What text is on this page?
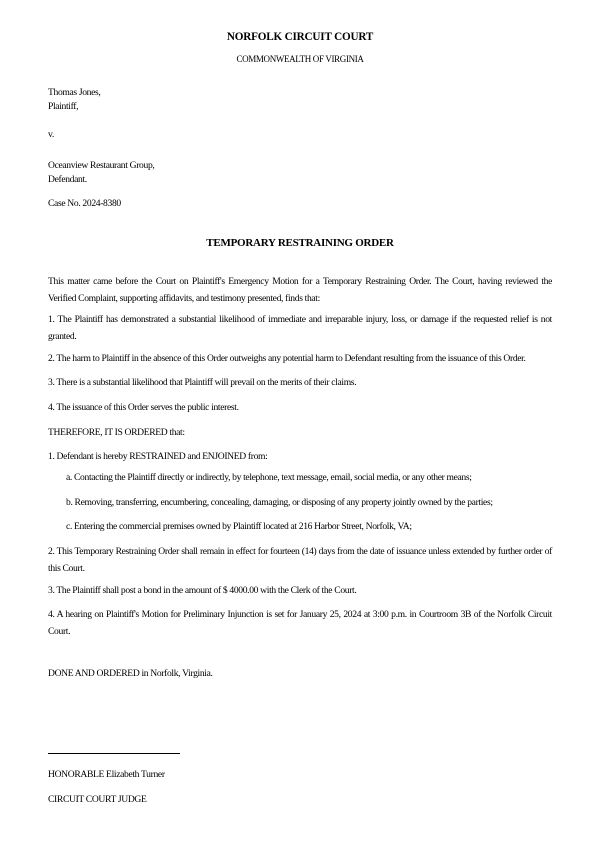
NORFOLK CIRCUIT COURT

COMMONWEALTH OF VIRGINIA

Thomas Jones,

Plaintiff,

v.

Oceanview Restaurant Group,

Defendant.

Case No. 2024-8380

TEMPORARY RESTRAINING ORDER

This matter came before the Court on Plaintiff's Emergency Motion for a Temporary Restraining Order. The Court, having reviewed the Verified Complaint, supporting affidavits, and testimony presented, finds that:

1. The Plaintiff has demonstrated a substantial likelihood of immediate and irreparable injury, loss, or damage if the requested relief is not granted.

2. The harm to Plaintiff in the absence of this Order outweighs any potential harm to Defendant resulting from the issuance of this Order.

3. There is a substantial likelihood that Plaintiff will prevail on the merits of their claims.

4. The issuance of this Order serves the public interest.

THEREFORE, IT IS ORDERED that:

1. Defendant is hereby RESTRAINED and ENJOINED from:

a. Contacting the Plaintiff directly or indirectly, by telephone, text message, email, social media, or any other means;

b. Removing, transferring, encumbering, concealing, damaging, or disposing of any property jointly owned by the parties;

c. Entering the commercial premises owned by Plaintiff located at 216 Harbor Street, Norfolk, VA;

2. This Temporary Restraining Order shall remain in effect for fourteen (14) days from the date of issuance unless extended by further order of this Court.

3. The Plaintiff shall post a bond in the amount of $ 4000.00 with the Clerk of the Court.

4. A hearing on Plaintiff's Motion for Preliminary Injunction is set for January 25, 2024 at 3:00 p.m. in Courtroom 3B of the Norfolk Circuit Court.

DONE AND ORDERED in Norfolk, Virginia.

HONORABLE Elizabeth Turner

CIRCUIT COURT JUDGE
